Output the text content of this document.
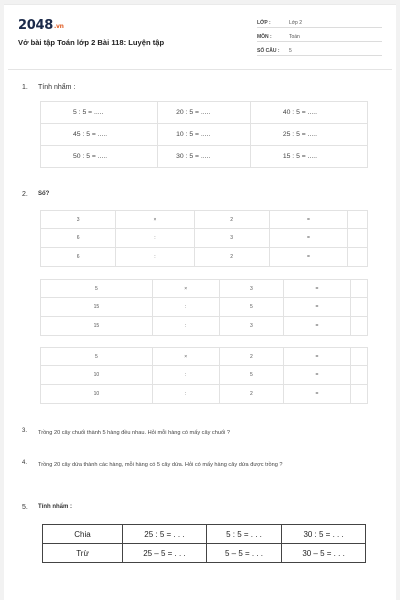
2048.vn
Vở bài tập Toán lớp 2 Bài 118: Luyện tập
LỚP :	Lớp 2
MÔN :	Toán
SỐ CÂU :	5
1.	Tính nhẩm :
5 : 5 = .....	20 : 5 = .....	40 : 5 = .....
45 : 5 = .....	10 : 5 = .....	25 : 5 = .....
50 : 5 = .....	30 : 5 = .....	15 : 5 = .....
2.	Số?
3	×	2	=	
6	:	3	=	
6	:	2	=	
5	×	3	=	
15	:	5	=	
15	:	3	=	
5	×	2	=	
10	:	5	=	
10	:	2	=	
3.	Trồng 20 cây chuối thành 5 hàng đều nhau. Hỏi mỗi hàng có mấy cây chuối ?
4.	Trồng 20 cây dứa thành các hàng, mỗi hàng có 5 cây dứa. Hỏi có mấy hàng cây dứa được trồng ?
5.	Tính nhẩm :
Chia	25 : 5 = . . .	5 : 5 = . . .	30 : 5 = . . .
Trừ	25 – 5 = . . .	5 – 5 = . . .	30 – 5 = . . .
